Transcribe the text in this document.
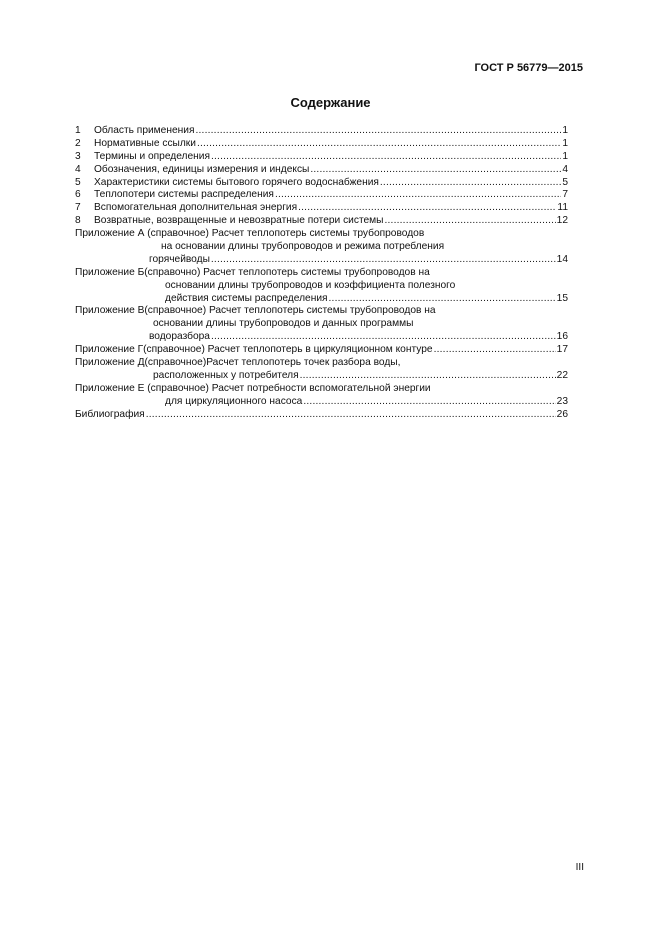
ГОСТ Р 56779—2015
Содержание
1	Область применения .....	1
2	Нормативные ссылки .....	1
3	Термины и определения .....	1
4	Обозначения, единицы измерения и индексы .....	4
5	Характеристики системы бытового горячего водоснабжения .....	5
6	Теплопотери системы распределения .....	7
7	Вспомогательная дополнительная энергия .....	11
8	Возвратные, возвращенные и невозвратные потери системы .....	12
Приложение А (справочное) Расчет теплопотерь системы трубопроводов
на основании длины трубопроводов и режима потребления
горячейводы .....	14
Приложение Б(справочно) Расчет теплопотерь системы трубопроводов на
основании длины трубопроводов и коэффициента полезного
действия системы распределения .....	15
Приложение В(справочное) Расчет теплопотерь системы трубопроводов на
основании длины трубопроводов и данных программы
водоразбора .....	16
Приложение Г(справочное) Расчет теплопотерь в циркуляционном контуре .....	17
Приложение Д(справочное)Расчет теплопотерь точек разбора воды,
расположенных у потребителя .....	22
Приложение Е (справочное) Расчет потребности вспомогательной энергии
для циркуляционного насоса .....	23
Библиография .....	26
III
